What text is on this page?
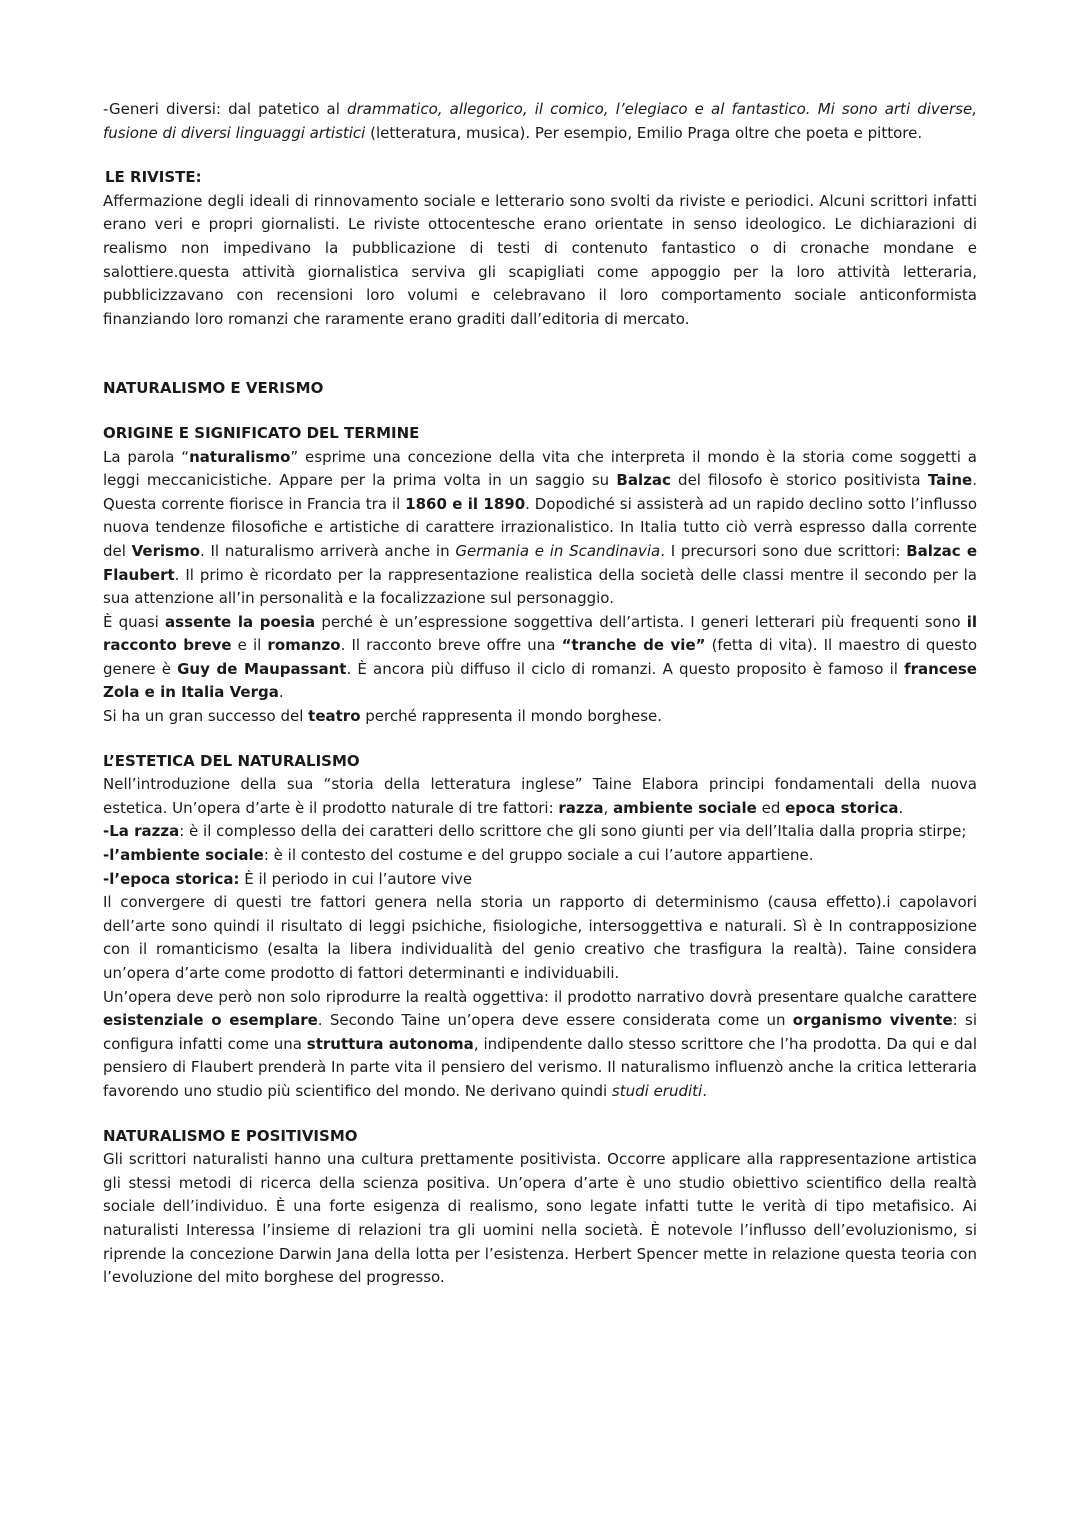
-Generi diversi: dal patetico al drammatico, allegorico, il comico, l’elegiaco e al fantastico. Mi sono arti diverse, fusione di diversi linguaggi artistici (letteratura, musica). Per esempio, Emilio Praga oltre che poeta e pittore.

LE RIVISTE:

Affermazione degli ideali di rinnovamento sociale e letterario sono svolti da riviste e periodici. Alcuni scrittori infatti erano veri e propri giornalisti. Le riviste ottocentesche erano orientate in senso ideologico. Le dichiarazioni di realismo non impedivano la pubblicazione di testi di contenuto fantastico o di cronache mondane e salottiere.questa attività giornalistica serviva gli scapigliati come appoggio per la loro attività letteraria, pubblicizzavano con recensioni loro volumi e celebravano il loro comportamento sociale anticonformista finanziando loro romanzi che raramente erano graditi dall’editoria di mercato.

NATURALISMO E VERISMO

ORIGINE E SIGNIFICATO DEL TERMINE

La parola “naturalismo” esprime una concezione della vita che interpreta il mondo è la storia come soggetti a leggi meccanicistiche. Appare per la prima volta in un saggio su Balzac del filosofo è storico positivista Taine. Questa corrente fiorisce in Francia tra il 1860 e il 1890. Dopodiché si assisterà ad un rapido declino sotto l’influsso nuova tendenze filosofiche e artistiche di carattere irrazionalistico. In Italia tutto ciò verrà espresso dalla corrente del Verismo. Il naturalismo arriverà anche in Germania e in Scandinavia. I precursori sono due scrittori: Balzac e Flaubert. Il primo è ricordato per la rappresentazione realistica della società delle classi mentre il secondo per la sua attenzione all’in personalità e la focalizzazione sul personaggio.

È quasi assente la poesia perché è un’espressione soggettiva dell’artista. I generi letterari più frequenti sono il racconto breve e il romanzo. Il racconto breve offre una “tranche de vie” (fetta di vita). Il maestro di questo genere è Guy de Maupassant. È ancora più diffuso il ciclo di romanzi. A questo proposito è famoso il francese Zola e in Italia Verga.

Si ha un gran successo del teatro perché rappresenta il mondo borghese.

L’ESTETICA DEL NATURALISMO

Nell’introduzione della sua “storia della letteratura inglese” Taine Elabora principi fondamentali della nuova estetica. Un’opera d’arte è il prodotto naturale di tre fattori: razza, ambiente sociale ed epoca storica.

-La razza: è il complesso della dei caratteri dello scrittore che gli sono giunti per via dell’Italia dalla propria stirpe;

-l’ambiente sociale: è il contesto del costume e del gruppo sociale a cui l’autore appartiene.

-l’epoca storica: È il periodo in cui l’autore vive

Il convergere di questi tre fattori genera nella storia un rapporto di determinismo (causa effetto).i capolavori dell’arte sono quindi il risultato di leggi psichiche, fisiologiche, intersoggettiva e naturali. Sì è In contrapposizione con il romanticismo (esalta la libera individualità del genio creativo che trasfigura la realtà). Taine considera un’opera d’arte come prodotto di fattori determinanti e individuabili.

Un’opera deve però non solo riprodurre la realtà oggettiva: il prodotto narrativo dovrà presentare qualche carattere esistenziale o esemplare. Secondo Taine un’opera deve essere considerata come un organismo vivente: si configura infatti come una struttura autonoma, indipendente dallo stesso scrittore che l’ha prodotta. Da qui e dal pensiero di Flaubert prenderà In parte vita il pensiero del verismo. Il naturalismo influenzò anche la critica letteraria favorendo uno studio più scientifico del mondo. Ne derivano quindi studi eruditi.

NATURALISMO E POSITIVISMO

Gli scrittori naturalisti hanno una cultura prettamente positivista. Occorre applicare alla rappresentazione artistica gli stessi metodi di ricerca della scienza positiva. Un’opera d’arte è uno studio obiettivo scientifico della realtà sociale dell’individuo. È una forte esigenza di realismo, sono legate infatti tutte le verità di tipo metafisico. Ai naturalisti Interessa l’insieme di relazioni tra gli uomini nella società. È notevole l’influsso dell’evoluzionismo, si riprende la concezione Darwin Jana della lotta per l’esistenza. Herbert Spencer mette in relazione questa teoria con l’evoluzione del mito borghese del progresso.
